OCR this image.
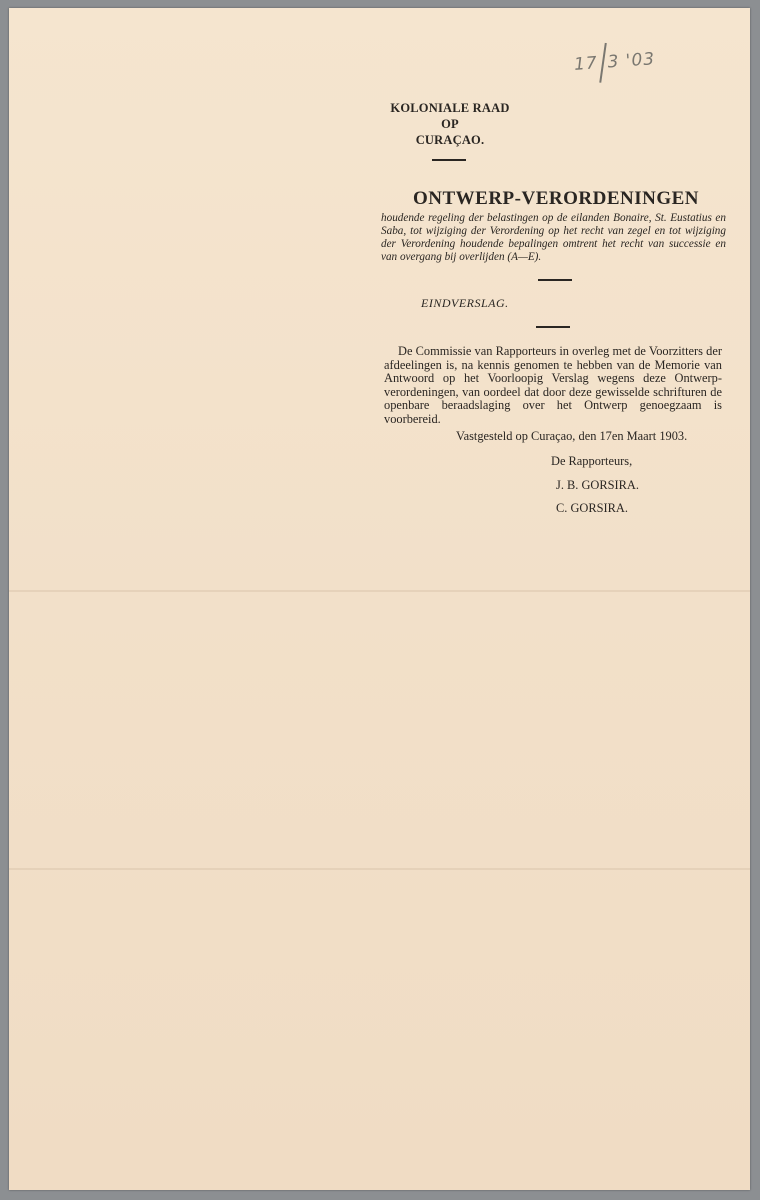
17 3 '03
KOLONIALE RAAD
OP
CURAÇAO.
ONTWERP-VERORDENINGEN
houdende regeling der belastingen op de eilanden Bonaire, St. Eustatius en Saba, tot wijziging der Verordening op het recht van zegel en tot wijziging der Verordening houdende bepalingen omtrent het recht van successie en van overgang bij overlijden (A—E).
EINDVERSLAG.
De Commissie van Rapporteurs in overleg met de Voorzitters der afdeelingen is, na kennis genomen te hebben van de Memorie van Antwoord op het Voorloopig Verslag wegens deze Ontwerp-verordeningen, van oordeel dat door deze gewisselde schrifturen de openbare beraadslaging over het Ontwerp genoegzaam is voorbereid.
Vastgesteld op Curaçao, den 17en Maart 1903.
De Rapporteurs,
J. B. GORSIRA.
C. GORSIRA.
